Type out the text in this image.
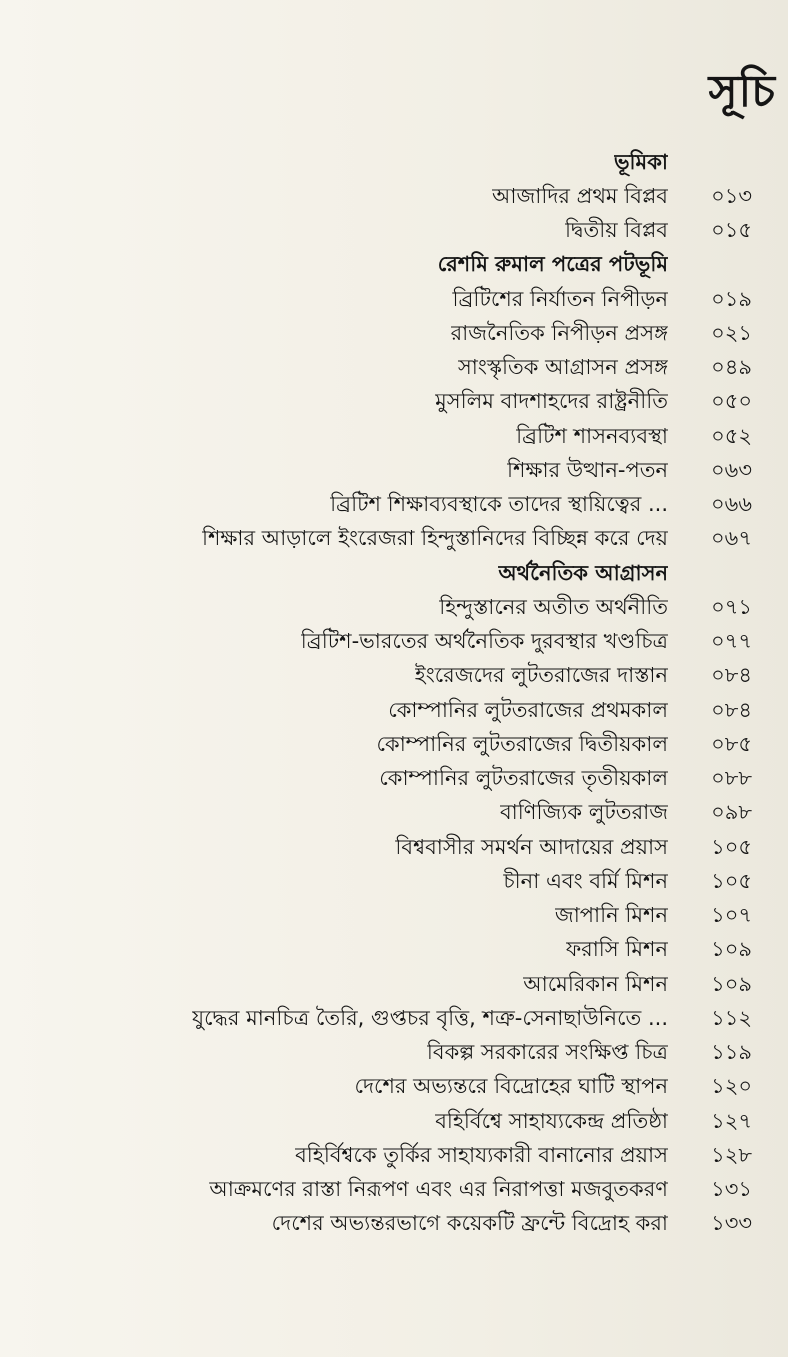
সূচি
ভূমিকা
আজাদির প্রথম বিপ্লব	০১৩
দ্বিতীয় বিপ্লব	০১৫
রেশমি রুমাল পত্রের পটভূমি
ব্রিটিশের নির্যাতন নিপীড়ন	০১৯
রাজনৈতিক নিপীড়ন প্রসঙ্গ	০২১
সাংস্কৃতিক আগ্রাসন প্রসঙ্গ	০৪৯
মুসলিম বাদশাহদের রাষ্ট্রনীতি	০৫০
ব্রিটিশ শাসনব্যবস্থা	০৫২
শিক্ষার উত্থান-পতন	০৬৩
ব্রিটিশ শিক্ষাব্যবস্থাকে তাদের স্থায়িত্বের ...	০৬৬
শিক্ষার আড়ালে ইংরেজরা হিন্দুস্তানিদের বিচ্ছিন্ন করে দেয়	০৬৭
অর্থনৈতিক আগ্রাসন
হিন্দুস্তানের অতীত অর্থনীতি	০৭১
ব্রিটিশ-ভারতের অর্থনৈতিক দুরবস্থার খণ্ডচিত্র	০৭৭
ইংরেজদের লুটতরাজের দাস্তান	০৮৪
কোম্পানির লুটতরাজের প্রথমকাল	০৮৪
কোম্পানির লুটতরাজের দ্বিতীয়কাল	০৮৫
কোম্পানির লুটতরাজের তৃতীয়কাল	০৮৮
বাণিজ্যিক লুটতরাজ	০৯৮
বিশ্ববাসীর সমর্থন আদায়ের প্রয়াস	১০৫
চীনা এবং বর্মি মিশন	১০৫
জাপানি মিশন	১০৭
ফরাসি মিশন	১০৯
আমেরিকান মিশন	১০৯
যুদ্ধের মানচিত্র তৈরি, গুপ্তচর বৃত্তি, শত্রু-সেনাছাউনিতে ...	১১২
বিকল্প সরকারের সংক্ষিপ্ত চিত্র	১১৯
দেশের অভ্যন্তরে বিদ্রোহের ঘাটি স্থাপন	১২০
বহির্বিশ্বে সাহায্যকেন্দ্র প্রতিষ্ঠা	১২৭
বহির্বিশ্বকে তুর্কির সাহায্যকারী বানানোর প্রয়াস	১২৮
আক্রমণের রাস্তা নিরূপণ এবং এর নিরাপত্তা মজবুতকরণ	১৩১
দেশের অভ্যন্তরভাগে কয়েকটি ফ্রন্টে বিদ্রোহ করা	১৩৩
